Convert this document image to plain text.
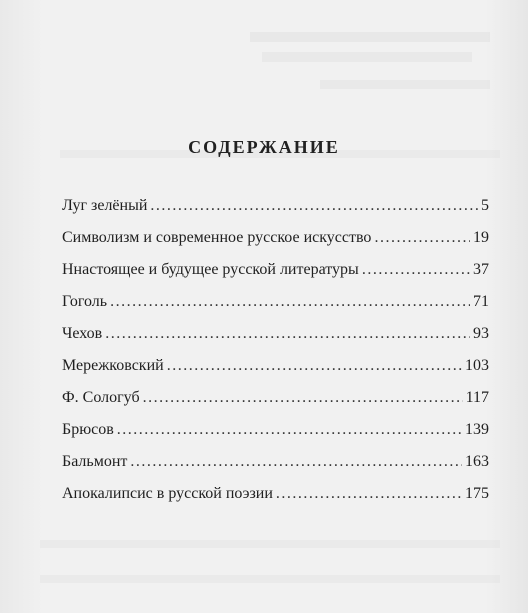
СОДЕРЖАНИЕ
Луг зелёный .....	5
Символизм и современное русское искусство .....	19
Ннастоящее и будущее русской литературы .....	37
Гоголь .....	71
Чехов .....	93
Мережковский .....	103
Ф. Сологуб .....	117
Брюсов .....	139
Бальмонт .....	163
Апокалипсис в русской поэзии .....	175
